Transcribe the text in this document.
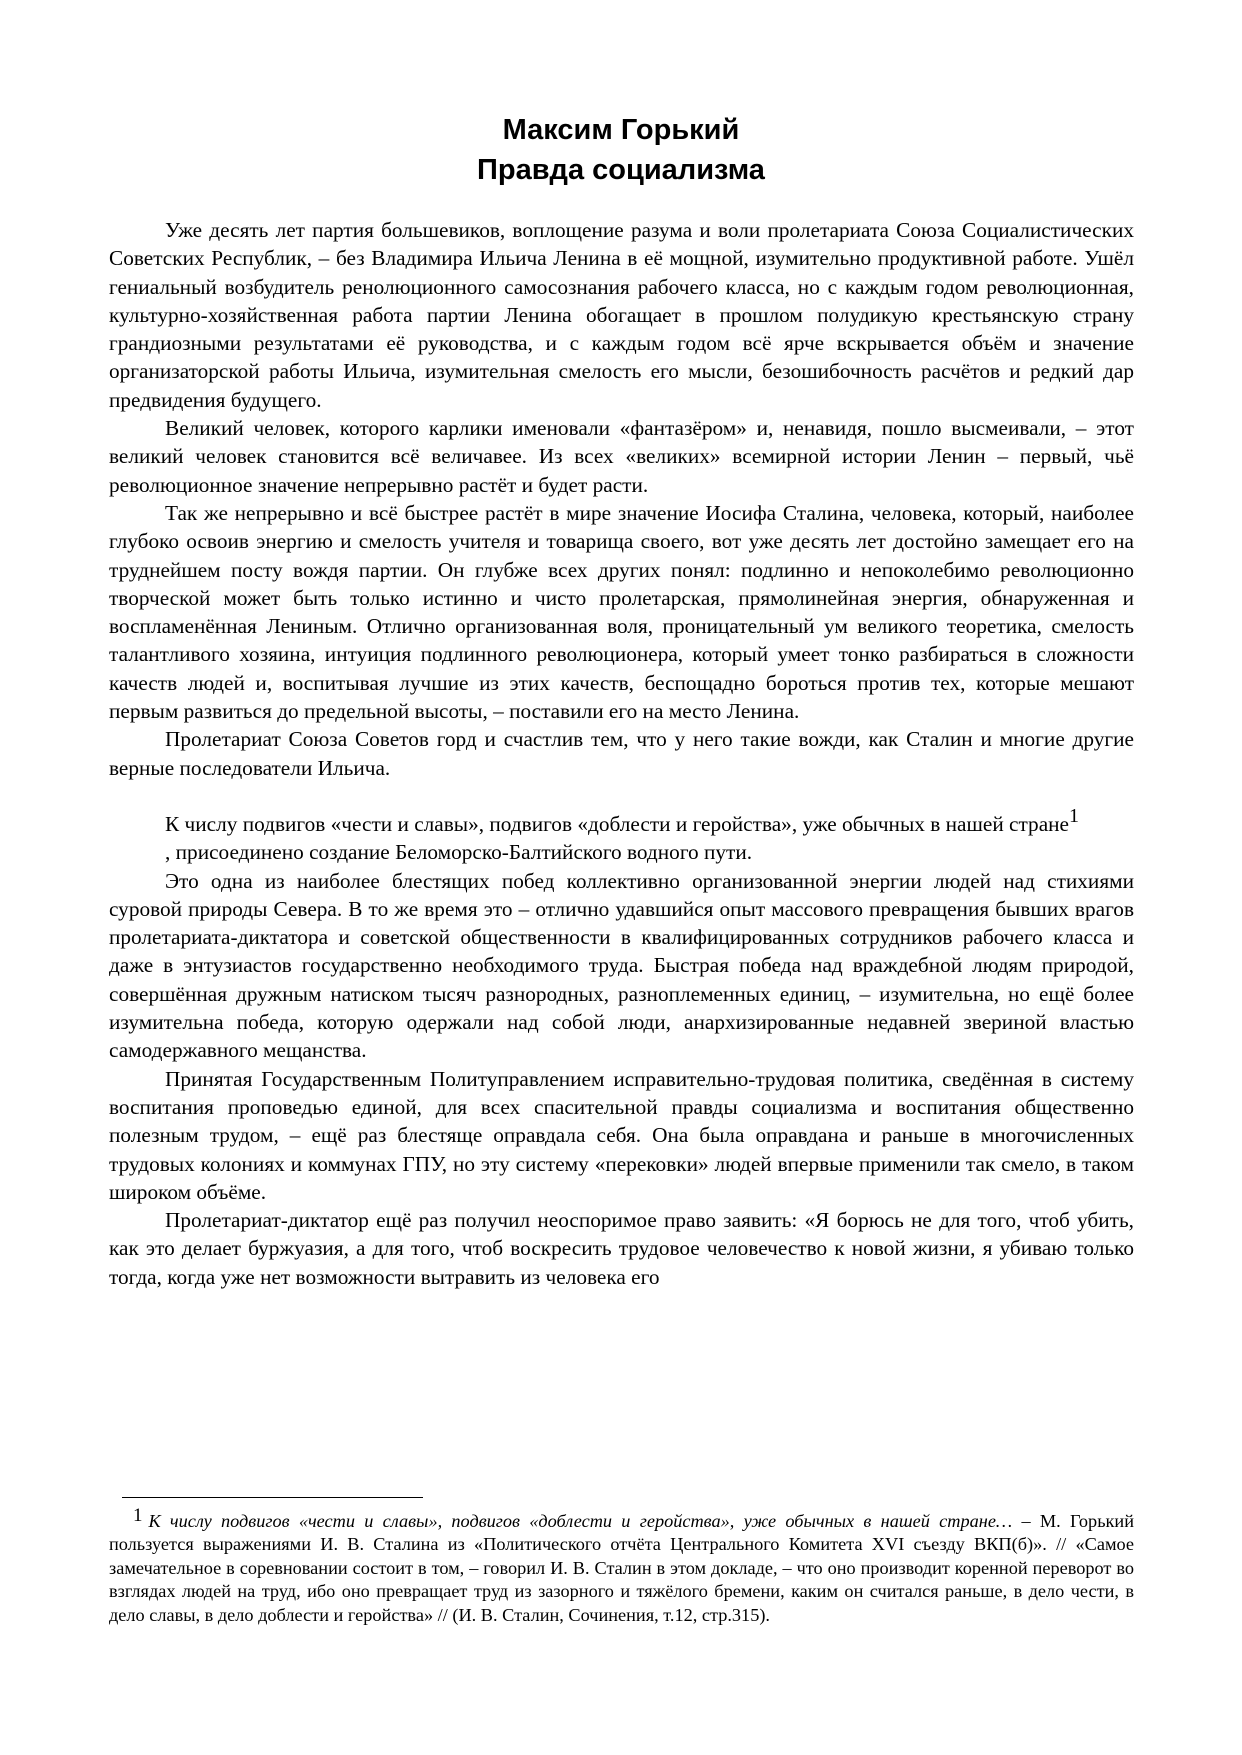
Максим Горький
Правда социализма

Уже десять лет партия большевиков, воплощение разума и воли пролетариата Союза Социалистических Советских Республик, – без Владимира Ильича Ленина в её мощной, изумительно продуктивной работе. Ушёл гениальный возбудитель ренолюционного самосознания рабочего класса, но с каждым годом революционная, культурно-хозяйственная работа партии Ленина обогащает в прошлом полудикую крестьянскую страну грандиозными результатами её руководства, и с каждым годом всё ярче вскрывается объём и значение организаторской работы Ильича, изумительная смелость его мысли, безошибочность расчётов и редкий дар предвидения будущего.

Великий человек, которого карлики именовали «фантазёром» и, ненавидя, пошло высмеивали, – этот великий человек становится всё величавее. Из всех «великих» всемирной истории Ленин – первый, чьё революционное значение непрерывно растёт и будет расти.

Так же непрерывно и всё быстрее растёт в мире значение Иосифа Сталина, человека, который, наиболее глубоко освоив энергию и смелость учителя и товарища своего, вот уже десять лет достойно замещает его на труднейшем посту вождя партии. Он глубже всех других понял: подлинно и непоколебимо революционно творческой может быть только истинно и чисто пролетарская, прямолинейная энергия, обнаруженная и воспламенённая Лениным. Отлично организованная воля, проницательный ум великого теоретика, смелость талантливого хозяина, интуиция подлинного революционера, который умеет тонко разбираться в сложности качеств людей и, воспитывая лучшие из этих качеств, беспощадно бороться против тех, которые мешают первым развиться до предельной высоты, – поставили его на место Ленина.

Пролетариат Союза Советов горд и счастлив тем, что у него такие вожди, как Сталин и многие другие верные последователи Ильича.

К числу подвигов «чести и славы», подвигов «доблести и геройства», уже обычных в нашей стране$^1$

, присоединено создание Беломорско-Балтийского водного пути.

Это одна из наиболее блестящих побед коллективно организованной энергии людей над стихиями суровой природы Севера. В то же время это – отлично удавшийся опыт массового превращения бывших врагов пролетариата-диктатора и советской общественности в квалифицированных сотрудников рабочего класса и даже в энтузиастов государственно необходимого труда. Быстрая победа над враждебной людям природой, совершённая дружным натиском тысяч разнородных, разноплеменных единиц, – изумительна, но ещё более изумительна победа, которую одержали над собой люди, анархизированные недавней звериной властью самодержавного мещанства.

Принятая Государственным Политуправлением исправительно-трудовая политика, сведённая в систему воспитания проповедью единой, для всех спасительной правды социализма и воспитания общественно полезным трудом, – ещё раз блестяще оправдала себя. Она была оправдана и раньше в многочисленных трудовых колониях и коммунах ГПУ, но эту систему «перековки» людей впервые применили так смело, в таком широком объёме.

Пролетариат-диктатор ещё раз получил неоспоримое право заявить: «Я борюсь не для того, чтоб убить, как это делает буржуазия, а для того, чтоб воскресить трудовое человечество к новой жизни, я убиваю только тогда, когда уже нет возможности вытравить из человека его

1 К числу подвигов «чести и славы», подвигов «доблести и геройства», уже обычных в нашей стране… – М. Горький пользуется выражениями И. В. Сталина из «Политического отчёта Центрального Комитета XVI съезду ВКП(б)». // «Самое замечательное в соревновании состоит в том, – говорил И. В. Сталин в этом докладе, – что оно производит коренной переворот во взглядах людей на труд, ибо оно превращает труд из зазорного и тяжёлого бремени, каким он считался раньше, в дело чести, в дело славы, в дело доблести и геройства» // (И. В. Сталин, Сочинения, т.12, стр.315).
